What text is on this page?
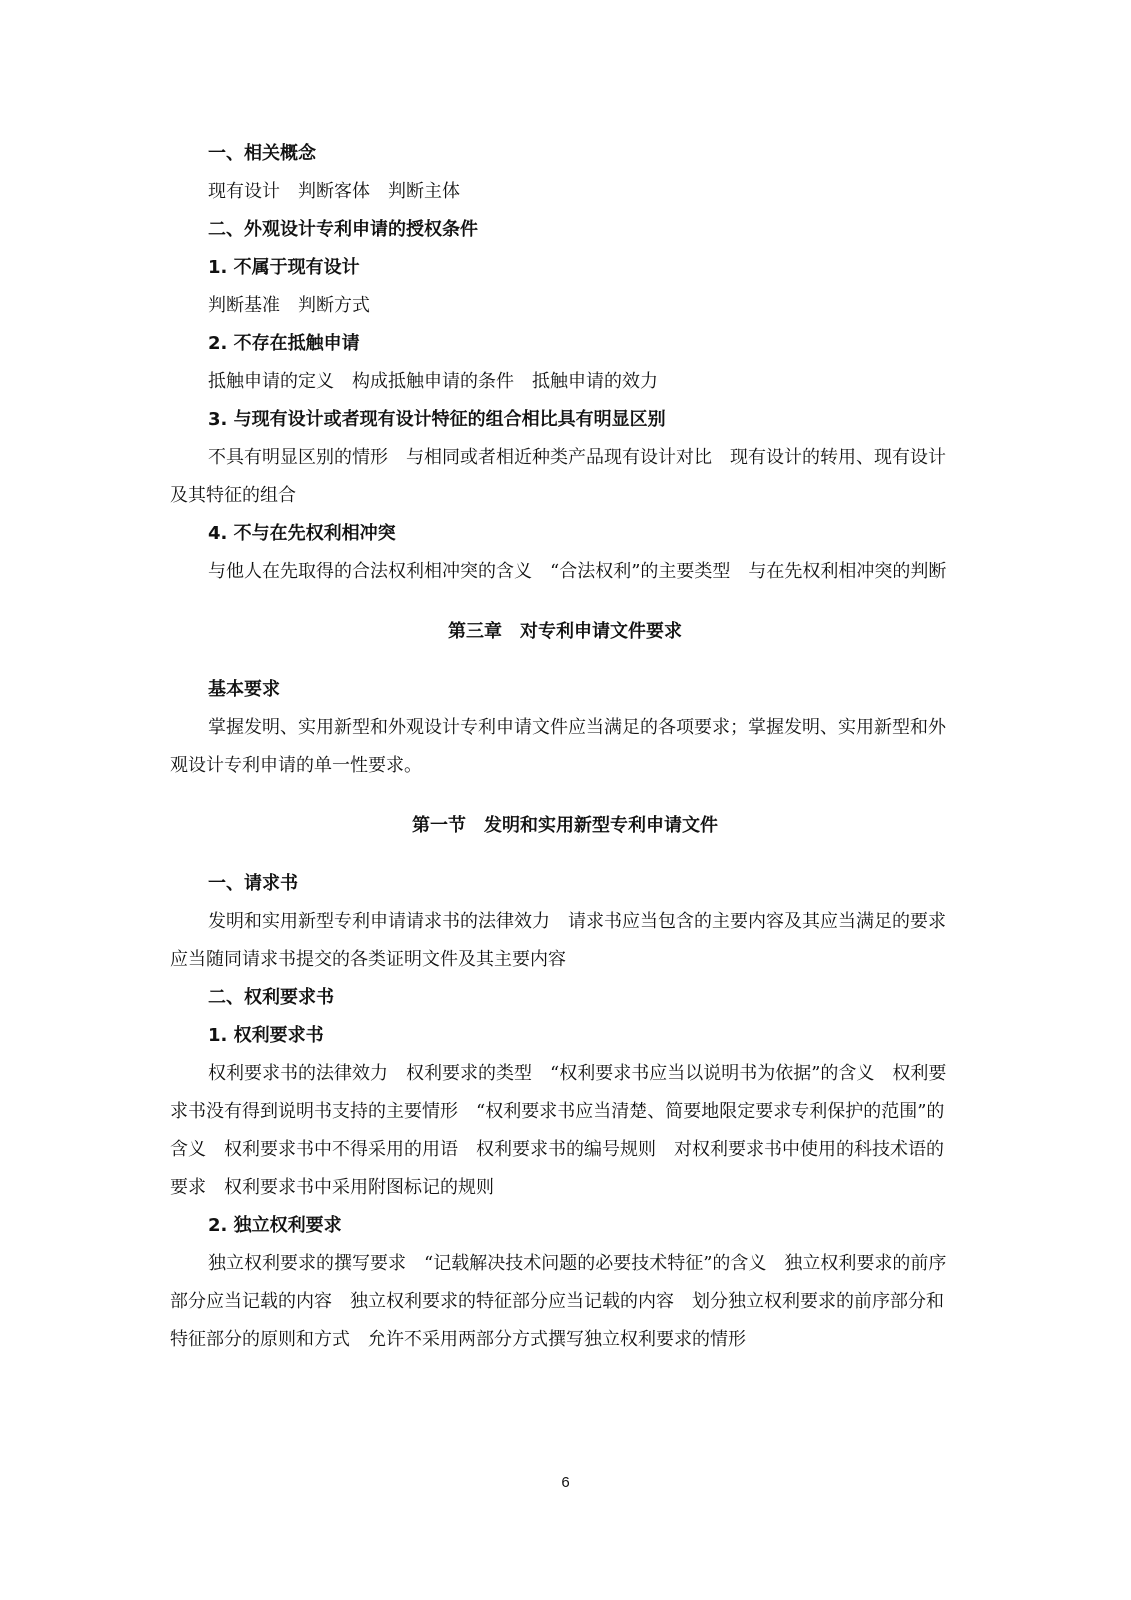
一、相关概念

现有设计　判断客体　判断主体

二、外观设计专利申请的授权条件

1. 不属于现有设计

判断基准　判断方式

2. 不存在抵触申请

抵触申请的定义　构成抵触申请的条件　抵触申请的效力

3. 与现有设计或者现有设计特征的组合相比具有明显区别

不具有明显区别的情形　与相同或者相近种类产品现有设计对比　现有设计的转用、现有设计及其特征的组合

4. 不与在先权利相冲突

与他人在先取得的合法权利相冲突的含义　“合法权利”的主要类型　与在先权利相冲突的判断

第三章　对专利申请文件要求

基本要求

掌握发明、实用新型和外观设计专利申请文件应当满足的各项要求；掌握发明、实用新型和外观设计专利申请的单一性要求。

第一节　发明和实用新型专利申请文件

一、请求书

发明和实用新型专利申请请求书的法律效力　请求书应当包含的主要内容及其应当满足的要求　应当随同请求书提交的各类证明文件及其主要内容

二、权利要求书

1. 权利要求书

权利要求书的法律效力　权利要求的类型　“权利要求书应当以说明书为依据”的含义　权利要求书没有得到说明书支持的主要情形　“权利要求书应当清楚、简要地限定要求专利保护的范围”的含义　权利要求书中不得采用的用语　权利要求书的编号规则　对权利要求书中使用的科技术语的要求　权利要求书中采用附图标记的规则

2. 独立权利要求

独立权利要求的撰写要求　“记载解决技术问题的必要技术特征”的含义　独立权利要求的前序部分应当记载的内容　独立权利要求的特征部分应当记载的内容　划分独立权利要求的前序部分和特征部分的原则和方式　允许不采用两部分方式撰写独立权利要求的情形

6
